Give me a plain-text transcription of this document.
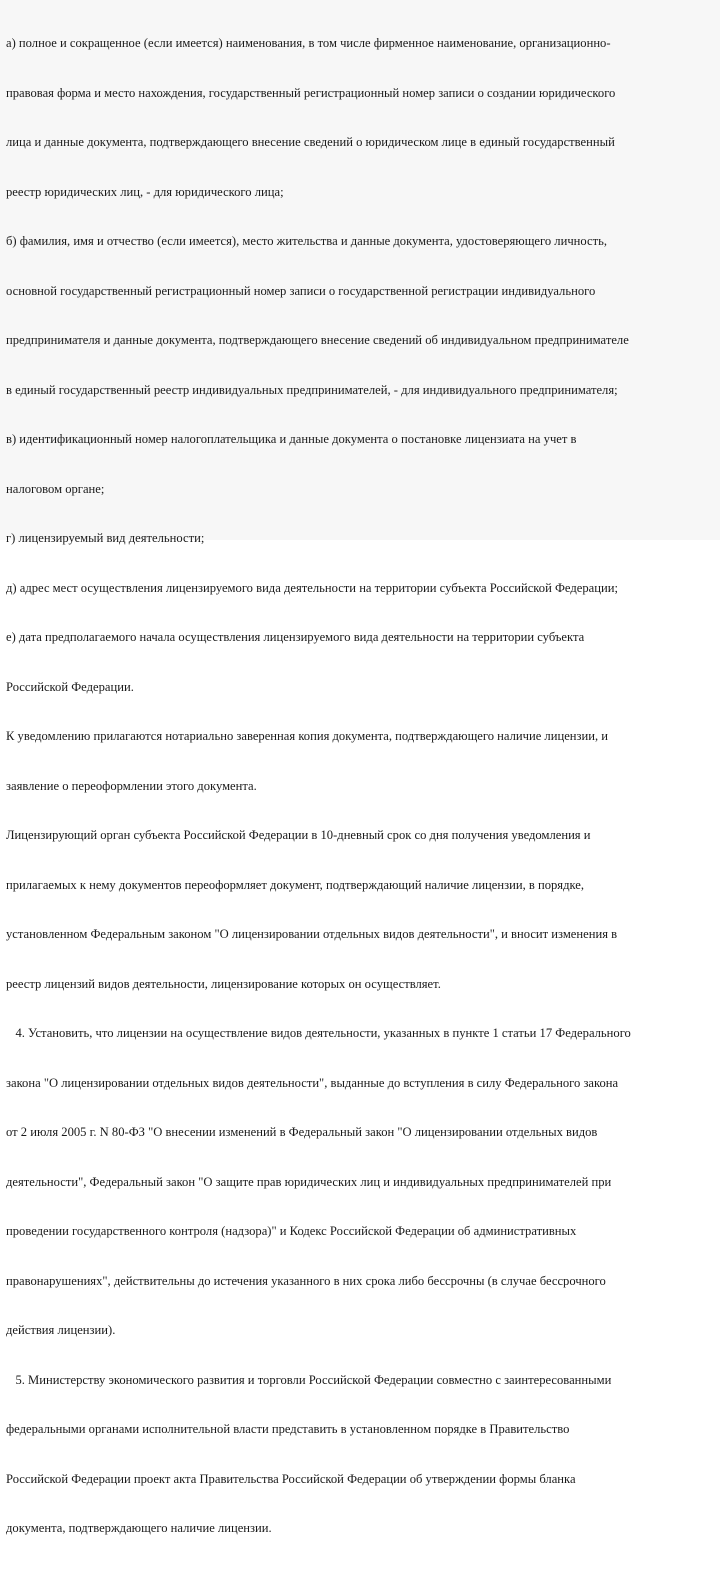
а) полное и сокращенное (если имеется) наименования, в том числе фирменное наименование, организационно-

правовая форма и место нахождения, государственный регистрационный номер записи о создании юридического

лица и данные документа, подтверждающего внесение сведений о юридическом лице в единый государственный

реестр юридических лиц, - для юридического лица;

б) фамилия, имя и отчество (если имеется), место жительства и данные документа, удостоверяющего личность,

основной государственный регистрационный номер записи о государственной регистрации индивидуального

предпринимателя и данные документа, подтверждающего внесение сведений об индивидуальном предпринимателе

в единый государственный реестр индивидуальных предпринимателей, - для индивидуального предпринимателя;

в) идентификационный номер налогоплательщика и данные документа о постановке лицензиата на учет в

налоговом органе;

г) лицензируемый вид деятельности;

д) адрес мест осуществления лицензируемого вида деятельности на территории субъекта Российской Федерации;

е) дата предполагаемого начала осуществления лицензируемого вида деятельности на территории субъекта

Российской Федерации.

К уведомлению прилагаются нотариально заверенная копия документа, подтверждающего наличие лицензии, и

заявление о переоформлении этого документа.

Лицензирующий орган субъекта Российской Федерации в 10-дневный срок со дня получения уведомления и

прилагаемых к нему документов переоформляет документ, подтверждающий наличие лицензии, в порядке,

установленном Федеральным законом "О лицензировании отдельных видов деятельности", и вносит изменения в

реестр лицензий видов деятельности, лицензирование которых он осуществляет.

4. Установить, что лицензии на осуществление видов деятельности, указанных в пункте 1 статьи 17 Федерального

закона "О лицензировании отдельных видов деятельности", выданные до вступления в силу Федерального закона

от 2 июля 2005 г. N 80-ФЗ "О внесении изменений в Федеральный закон "О лицензировании отдельных видов

деятельности", Федеральный закон "О защите прав юридических лиц и индивидуальных предпринимателей при

проведении государственного контроля (надзора)" и Кодекс Российской Федерации об административных

правонарушениях", действительны до истечения указанного в них срока либо бессрочны (в случае бессрочного

действия лицензии).

5. Министерству экономического развития и торговли Российской Федерации совместно с заинтересованными

федеральными органами исполнительной власти представить в установленном порядке в Правительство

Российской Федерации проект акта Правительства Российской Федерации об утверждении формы бланка

документа, подтверждающего наличие лицензии.
